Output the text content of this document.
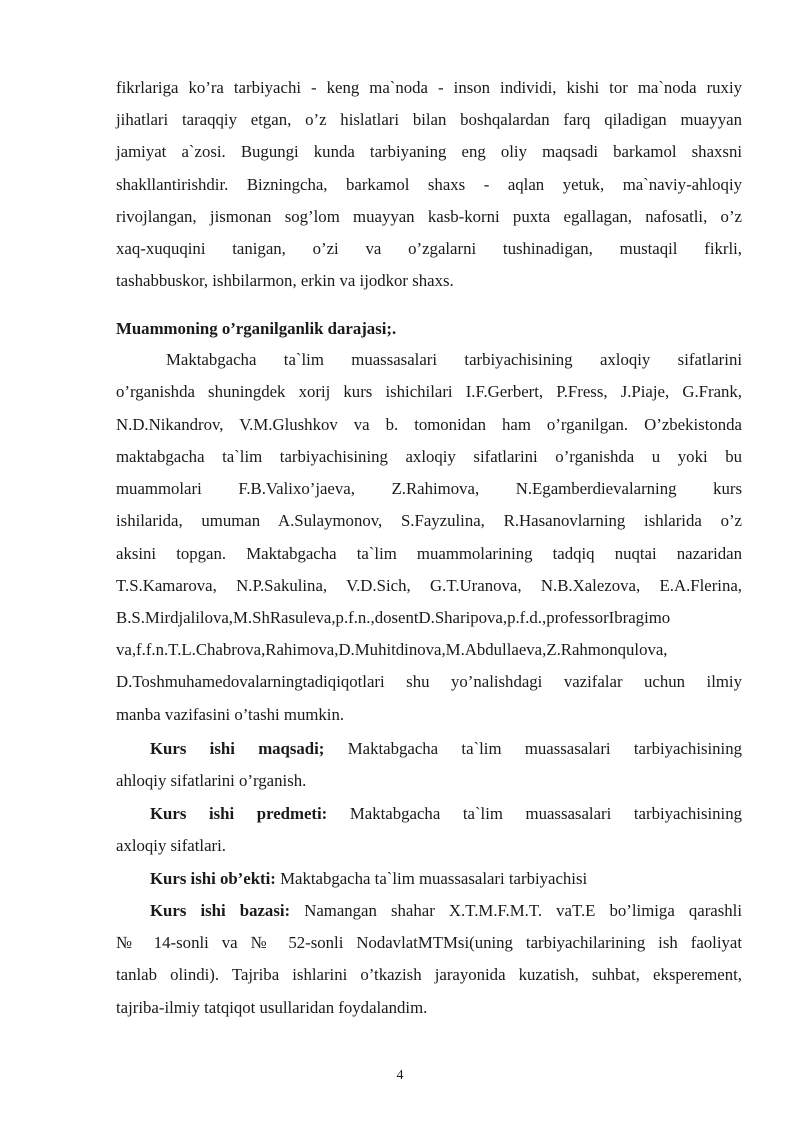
fikrlariga ko’ra tarbiyachi - keng ma`noda - inson individi, kishi tor ma`noda ruxiy
jihatlari taraqqiy etgan, o’z hislatlari bilan boshqalardan farq qiladigan muayyan
jamiyat a`zosi. Bugungi kunda tarbiyaning eng oliy maqsadi barkamol shaxsni
shakllantirishdir. Bizningcha, barkamol shaxs - aqlan yetuk, ma`naviy-ahloqiy
rivojlangan, jismonan sog’lom muayyan kasb-korni puxta egallagan, nafosatli, o’z
xaq-xuquqini tanigan, o’zi va o’zgalarni tushinadigan, mustaqil fikrli,
tashabbuskor, ishbilarmon, erkin va ijodkor shaxs.
Muammoning o’rganilganlik darajasi;.
Maktabgacha ta`lim muassasalari tarbiyachisining axloqiy sifatlarini
o’rganishda shuningdek xorij kurs ishichilari I.F.Gerbert, P.Fress, J.Piaje, G.Frank,
N.D.Nikandrov, V.M.Glushkov va b. tomonidan ham o’rganilgan. O’zbekistonda
maktabgacha ta`lim tarbiyachisining axloqiy sifatlarini o’rganishda u yoki bu
muammolari F.B.Valixo’jaeva, Z.Rahimova, N.Egamberdievalarning kurs
ishilarida, umuman A.Sulaymonov, S.Fayzulina, R.Hasanovlarning ishlarida o’z
aksini topgan. Maktabgacha ta`lim muammolarining tadqiq nuqtai nazaridan
T.S.Kamarova, N.P.Sakulina, V.D.Sich, G.T.Uranova, N.B.Xalezova, E.A.Flerina,
B.S.Mirdjalilova,M.ShRasuleva,p.f.n.,dosentD.Sharipova,p.f.d.,professorIbragimo
va,f.f.n.T.L.Chabrova,Rahimova,D.Muhitdinova,M.Abdullaeva,Z.Rahmonqulova,
D.Toshmuhamedovalarningtadiqiqotlari shu yo’nalishdagi vazifalar uchun ilmiy
manba vazifasini o’tashi mumkin.
Kurs ishi maqsadi; Maktabgacha ta`lim muassasalari tarbiyachisining
ahloqiy sifatlarini o’rganish.
Kurs ishi predmeti: Maktabgacha ta`lim muassasalari tarbiyachisining
axloqiy sifatlari.
Kurs ishi ob’ekti: Maktabgacha ta`lim muassasalari tarbiyachisi
Kurs ishi bazasi: Namangan shahar X.T.M.F.M.T. vaT.E bo’limiga qarashli
№ 14-sonli va № 52-sonli NodavlatMTMsi(uning tarbiyachilarining ish faoliyat
tanlab olindi). Tajriba ishlarini o’tkazish jarayonida kuzatish, suhbat, eksperement,
tajriba-ilmiy tatqiqot usullaridan foydalandim.
4
